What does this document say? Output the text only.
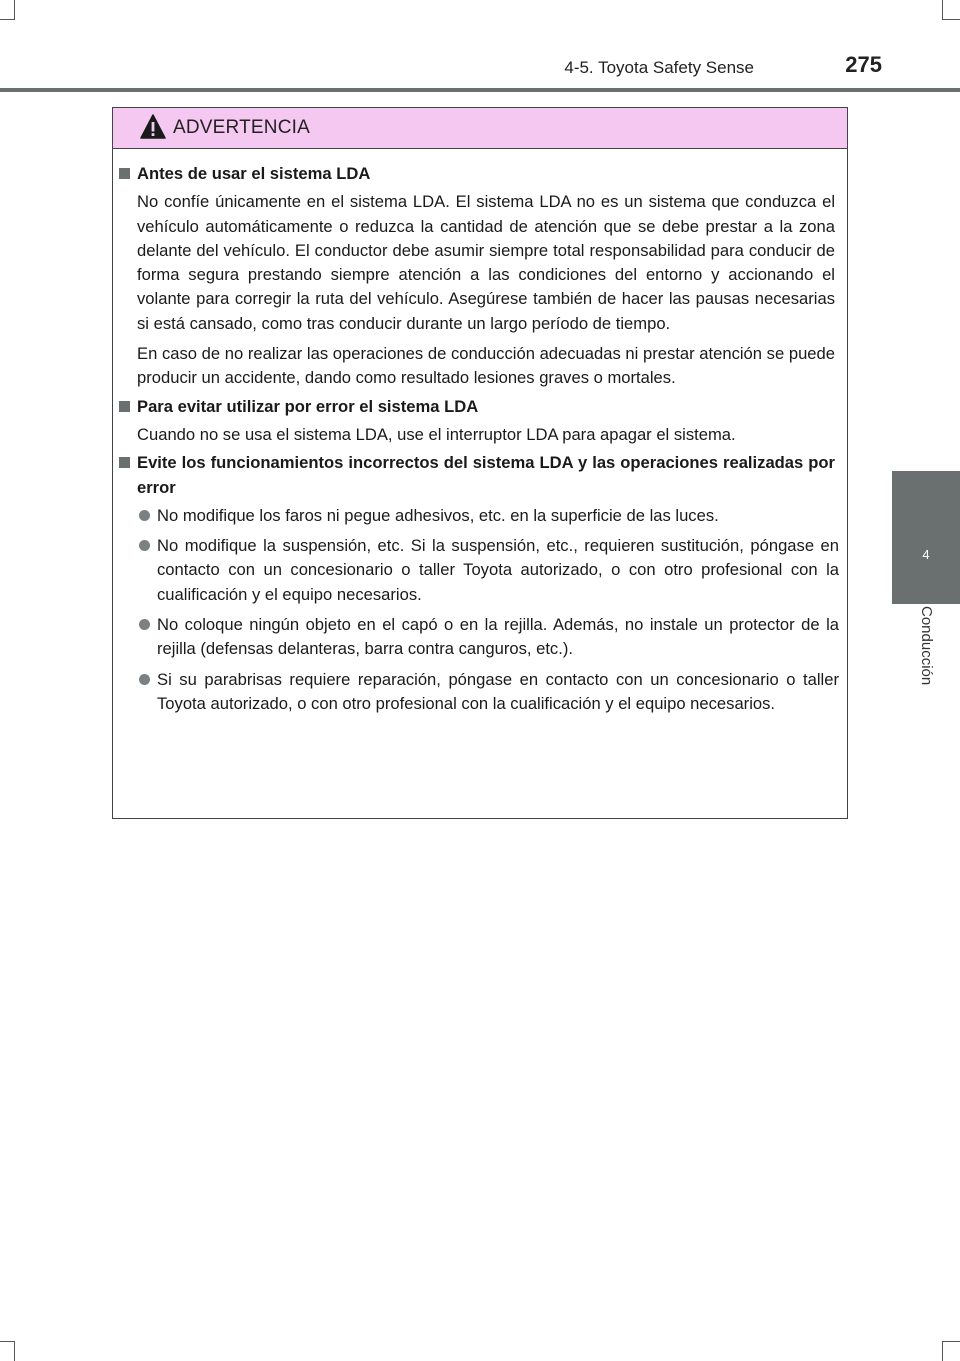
4-5. Toyota Safety Sense	275
4
Conducción
ADVERTENCIA
Antes de usar el sistema LDA
No confíe únicamente en el sistema LDA. El sistema LDA no es un sistema que conduzca el vehículo automáticamente o reduzca la cantidad de atención que se debe prestar a la zona delante del vehículo. El conductor debe asumir siempre total responsabilidad para conducir de forma segura prestando siempre atención a las condiciones del entorno y accionando el volante para corregir la ruta del vehículo. Asegúrese también de hacer las pausas necesarias si está cansado, como tras conducir durante un largo período de tiempo.
En caso de no realizar las operaciones de conducción adecuadas ni prestar atención se puede producir un accidente, dando como resultado lesiones graves o mortales.
Para evitar utilizar por error el sistema LDA
Cuando no se usa el sistema LDA, use el interruptor LDA para apagar el sistema.
Evite los funcionamientos incorrectos del sistema LDA y las operaciones realizadas por error
No modifique los faros ni pegue adhesivos, etc. en la superficie de las luces.
No modifique la suspensión, etc. Si la suspensión, etc., requieren sustitución, póngase en contacto con un concesionario o taller Toyota autorizado, o con otro profesional con la cualificación y el equipo necesarios.
No coloque ningún objeto en el capó o en la rejilla. Además, no instale un protector de la rejilla (defensas delanteras, barra contra canguros, etc.).
Si su parabrisas requiere reparación, póngase en contacto con un concesionario o taller Toyota autorizado, o con otro profesional con la cualificación y el equipo necesarios.
